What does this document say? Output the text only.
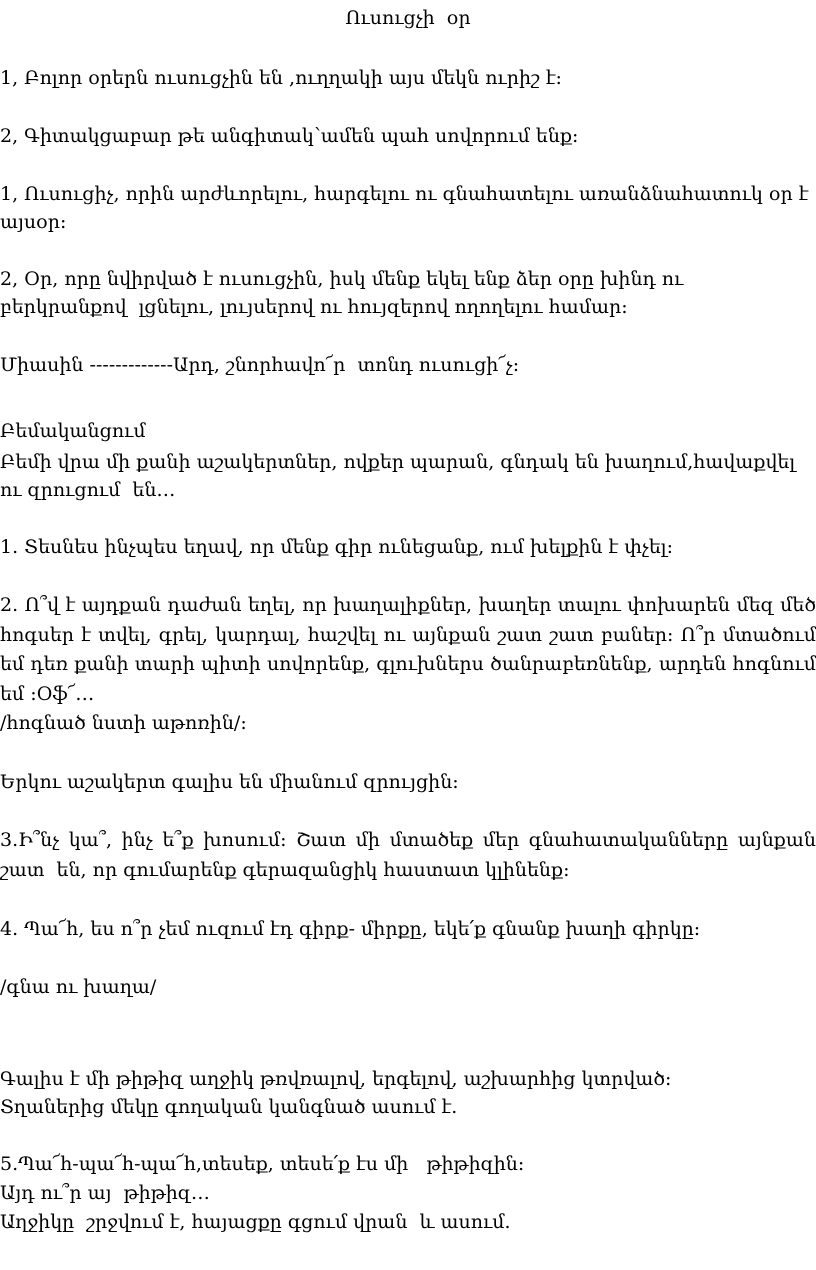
Ուսուցչի  օր

1, Բոլոր օրերն ուսուցչին են ,ուղղակի այս մեկն ուրիշ է:

2, Գիտակցաբար թե անգիտակ՝ամեն պահ սովորում ենք:

1, Ուսուցիչ, որին արժևորելու, հարգելու ու գնահատելու առանձնահատուկ օր է

այսօր:

2, Օր, որը նվիրված է ուսուցչին, իսկ մենք եկել ենք ձեր օրը խինդ ու

բերկրանքով  լցնելու, լույսերով ու հույզերով ողողելու համար:

Միասին -------------Արդ, շնորհավո՜ր  տոնդ ուսուցի՜չ:

Բեմականցում

Բեմի վրա մի քանի աշակերտներ, ովքեր պարան, գնդակ են խաղում,հավաքվել

ու զրուցում  են…

1. Տեսնես ինչպես եղավ, որ մենք գիր ունեցանք, ում խելքին է փչել:

2. Ո՞վ է այդքան դաժան եղել, որ խաղալիքներ, խաղեր տալու փոխարեն մեզ մեծ

հոգսեր է տվել, գրել, կարդալ, հաշվել ու այնքան շատ շատ բաներ: Ո՞ր մտածում

եմ դեռ քանի տարի պիտի սովորենք, գլուխներս ծանրաբեռնենք, արդեն հոգնում

եմ :Օֆ՜…

/հոգնած նստի աթոռին/:

Երկու աշակերտ գալիս են միանում զրույցին:

3.Ի՞նչ կա՞, ինչ ե՞ք խոսում: Շատ մի մտածեք մեր գնահատականները այնքան

շատ  են, որ գումարենք գերազանցիկ հաստատ կլինենք:

4. Պա՜հ, ես ո՞ր չեմ ուզում էդ գիրք- միրքը, եկե՛ք գնանք խաղի գիրկը:

/գնա ու խաղա/

Գալիս է մի թիթիզ աղջիկ թռվռալով, երգելով, աշխարհից կտրված:

Տղաներից մեկը գողական կանգնած ասում է.

5.Պա՜հ-պա՜հ-պա՜հ,տեսեք, տեսե՛ք էս մի   թիթիզին:

Այդ ու՞ր այ  թիթիզ…

Աղջիկը  շրջվում է, հայացքը գցում վրան  և ասում.
